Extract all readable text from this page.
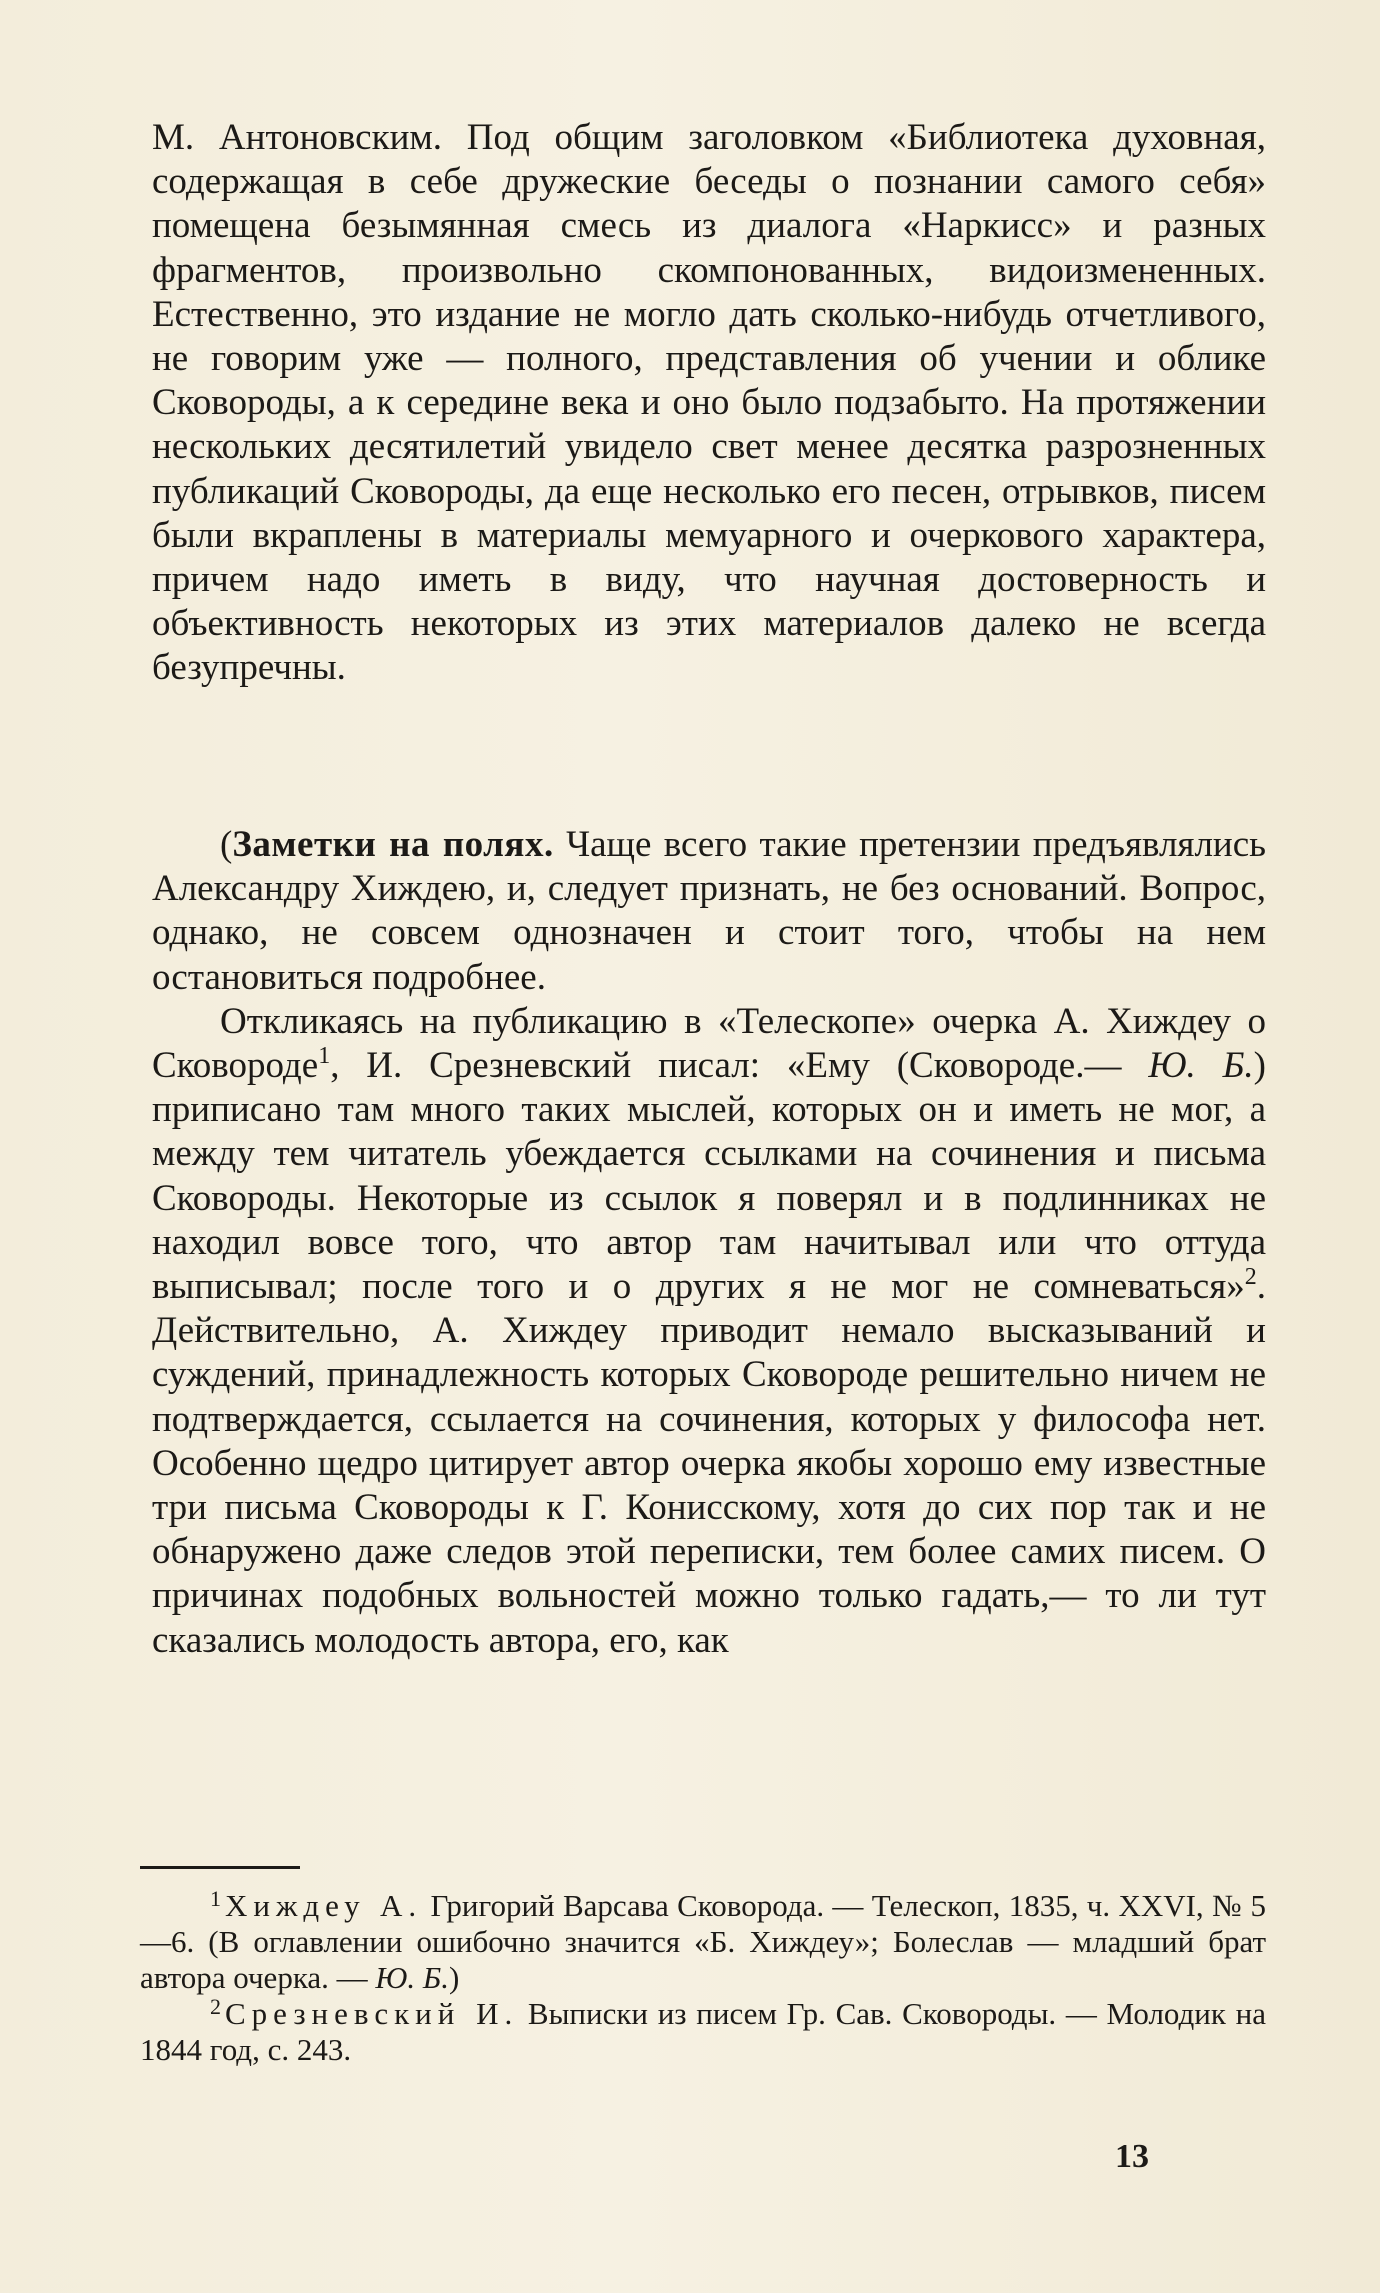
М. Антоновским. Под общим заголовком «Библиотека духовная, содержащая в себе дружеские беседы о познании самого себя» помещена безымянная смесь из диалога «Наркисс» и разных фрагментов, произвольно скомпонованных, видоизмененных. Естественно, это издание не могло дать сколько-нибудь отчетливого, не говорим уже — полного, представления об учении и облике Сковороды, а к середине века и оно было подзабыто. На протяжении нескольких десятилетий увидело свет менее десятка разрозненных публикаций Сковороды, да еще несколько его песен, отрывков, писем были вкраплены в материалы мемуарного и очеркового характера, причем надо иметь в виду, что научная достоверность и объективность некоторых из этих материалов далеко не всегда безупречны.

(Заметки на полях. Чаще всего такие претензии предъявлялись Александру Хиждею, и, следует признать, не без оснований. Вопрос, однако, не совсем однозначен и стоит того, чтобы на нем остановиться подробнее.

Откликаясь на публикацию в «Телескопе» очерка А. Хиждеу о Сковороде$^1$, И. Срезневский писал: «Ему (Сковороде.— Ю. Б.) приписано там много таких мыслей, которых он и иметь не мог, а между тем читатель убеждается ссылками на сочинения и письма Сковороды. Некоторые из ссылок я поверял и в подлинниках не находил вовсе того, что автор там начитывал или что оттуда выписывал; после того и о других я не мог не сомневаться»$^2$. Действительно, А. Хиждеу приводит немало высказываний и суждений, принадлежность которых Сковороде решительно ничем не подтверждается, ссылается на сочинения, которых у философа нет. Особенно щедро цитирует автор очерка якобы хорошо ему известные три письма Сковороды к Г. Конисскому, хотя до сих пор так и не обнаружено даже следов этой переписки, тем более самих писем. О причинах подобных вольностей можно только гадать,— то ли тут сказались молодость автора, его, как

$^1$ Хиждеу А. Григорий Варсава Сковорода. — Телескоп, 1835, ч. XXVI, № 5—6. (В оглавлении ошибочно значится «Б. Хиждеу»; Болеслав — младший брат автора очерка. — Ю. Б.)

$^2$ Срезневский И. Выписки из писем Гр. Сав. Сковороды. — Молодик на 1844 год, с. 243.

13
